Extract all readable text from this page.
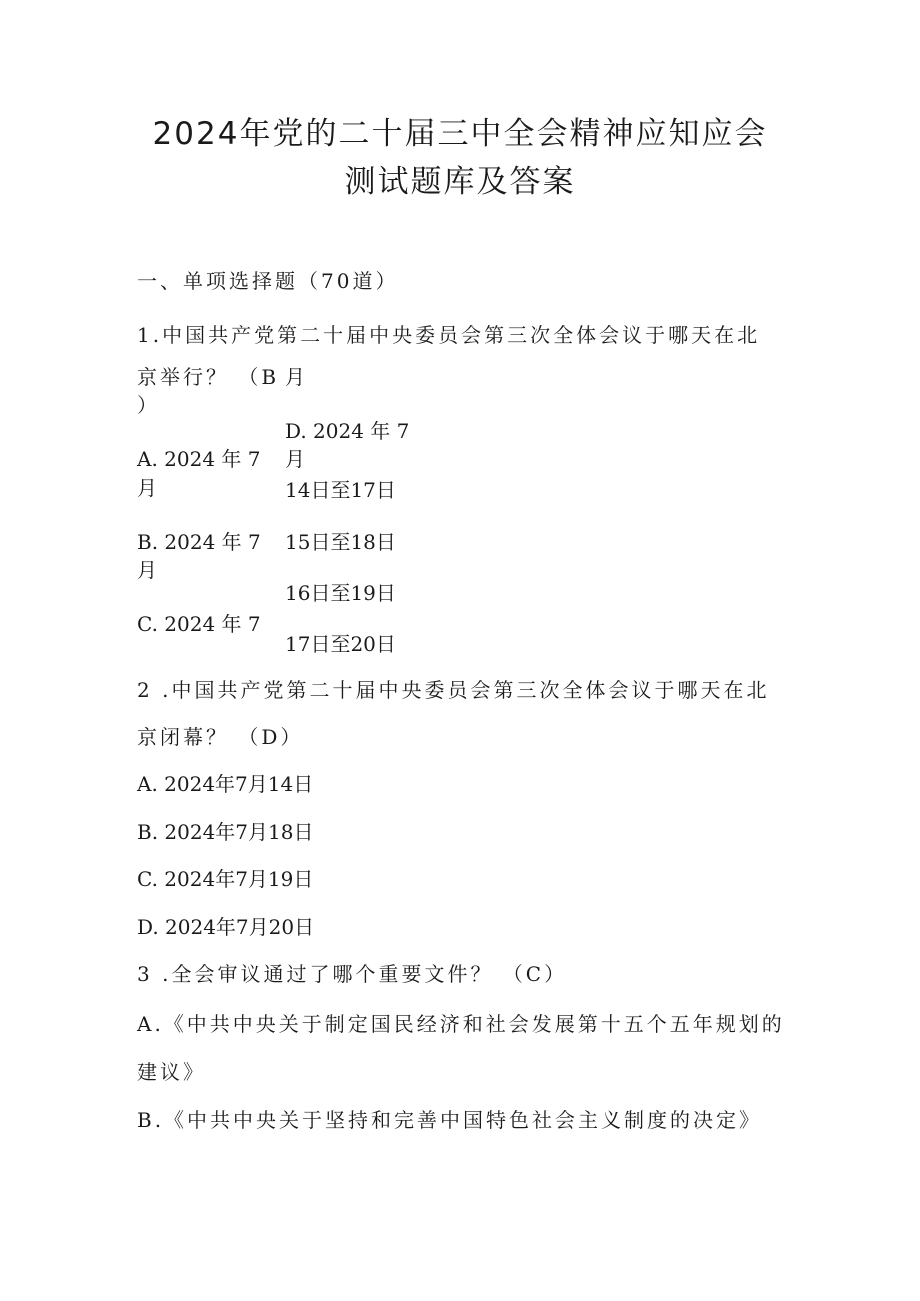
2024年党的二十届三中全会精神应知应会
测试题库及答案
一、单项选择题（70道）
1.中国共产党第二十届中央委员会第三次全体会议于哪天在北
京举行？ （B 月
）
D. 2024 年 7
A. 2024 年 7 月
月	14日至17日
B. 2024 年 7 15日至18日
月
16日至19日
C. 2024 年 7
17日至20日
2 .中国共产党第二十届中央委员会第三次全体会议于哪天在北
京闭幕？ （D）
A. 2024年7月14日
B. 2024年7月18日
C. 2024年7月19日
D. 2024年7月20日
3 .全会审议通过了哪个重要文件？ （C）
A.《中共中央关于制定国民经济和社会发展第十五个五年规划的
建议》
B.《中共中央关于坚持和完善中国特色社会主义制度的决定》
